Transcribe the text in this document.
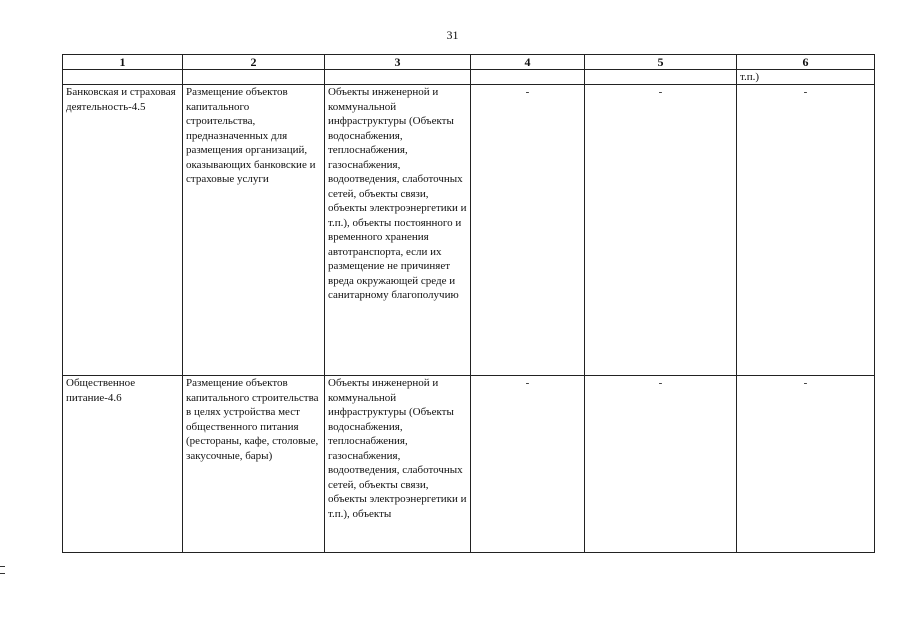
31
1	2	3	4	5	6
					т.п.)
Банковская и страховая деятельность-4.5	Размещение объектов капитального строительства, предназначенных для размещения организаций, оказывающих банковские и страховые услуги	Объекты инженерной и коммунальной инфраструктуры (Объекты водоснабжения, теплоснабжения, газоснабжения, водоотведения, слаботочных сетей, объекты связи, объекты электроэнергетики и т.п.), объекты постоянного и временного хранения автотранспорта, если их размещение не причиняет вреда окружающей среде и санитарному благополучию	-	-	-
Общественное питание-4.6	Размещение объектов капитального строительства в целях устройства мест общественного питания (рестораны, кафе, столовые, закусочные, бары)	Объекты инженерной и коммунальной инфраструктуры (Объекты водоснабжения, теплоснабжения, газоснабжения, водоотведения, слаботочных сетей, объекты связи, объекты электроэнергетики и т.п.), объекты	-	-	-
